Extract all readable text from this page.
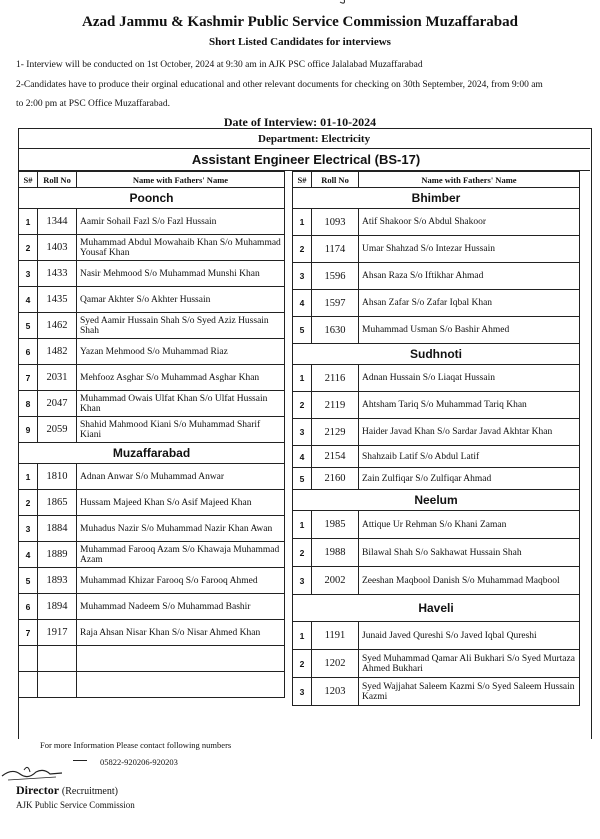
Azad Jammu & Kashmir Public Service Commission Muzaffarabad
Short Listed Candidates for interviews
1- Interview will be conducted on 1st October, 2024 at 9:30 am in AJK PSC office Jalalabad Muzaffarabad
2-Candidates have to produce their orginal educational and other relevant documents for checking on 30th September, 2024, from 9:00 am
to 2:00 pm at PSC Office Muzaffarabad.
Date of Interview: 01-10-2024
Department: Electricity
Assistant Engineer Electrical (BS-17)
S#	Roll No	Name with Fathers' Name
Poonch		
1	1344	Aamir Sohail Fazl S/o Fazl Hussain
2	1403	Muhammad Abdul Mowahaib Khan S/o Muhammad Yousaf Khan
3	1433	Nasir Mehmood S/o Muhammad Munshi Khan
4	1435	Qamar Akhter S/o Akhter Hussain
5	1462	Syed Aamir Hussain Shah S/o Syed Aziz Hussain Shah
6	1482	Yazan Mehmood S/o Muhammad Riaz
7	2031	Mehfooz Asghar S/o Muhammad Asghar Khan
8	2047	Muhammad Owais Ulfat Khan S/o Ulfat Hussain Khan
9	2059	Shahid Mahmood Kiani S/o Muhammad Sharif Kiani
Muzaffarabad		
1	1810	Adnan Anwar S/o Muhammad Anwar
2	1865	Hussam Majeed Khan S/o Asif Majeed Khan
3	1884	Muhadus Nazir S/o Muhammad Nazir Khan Awan
4	1889	Muhammad Farooq Azam S/o Khawaja Muhammad Azam
5	1893	Muhammad Khizar Farooq S/o Farooq Ahmed
6	1894	Muhammad Nadeem S/o Muhammad Bashir
7	1917	Raja Ahsan Nisar Khan S/o Nisar Ahmed Khan

S#	Roll No	Name with Fathers' Name
Bhimber		
1	1093	Atif Shakoor S/o Abdul Shakoor
2	1174	Umar Shahzad S/o Intezar Hussain
3	1596	Ahsan Raza S/o Iftikhar Ahmad
4	1597	Ahsan Zafar S/o Zafar Iqbal Khan
5	1630	Muhammad Usman S/o Bashir Ahmed
Sudhnoti		
1	2116	Adnan Hussain S/o Liaqat Hussain
2	2119	Ahtsham Tariq S/o Muhammad Tariq Khan
3	2129	Haider Javad Khan S/o Sardar Javad Akhtar Khan
4	2154	Shahzaib Latif S/o Abdul Latif
5	2160	Zain Zulfiqar S/o Zulfiqar Ahmad
Neelum		
1	1985	Attique Ur Rehman S/o Khani Zaman
2	1988	Bilawal Shah S/o Sakhawat Hussain Shah
3	2002	Zeeshan Maqbool Danish S/o Muhammad Maqbool
Haveli		
1	1191	Junaid Javed Qureshi S/o Javed Iqbal Qureshi
2	1202	Syed Muhammad Qamar Ali Bukhari S/o Syed Murtaza Ahmed Bukhari
3	1203	Syed Wajjahat Saleem Kazmi S/o Syed Saleem Hussain Kazmi
For more Information Please contact following numbers
05822-920206-920203
Director (Recruitment)
AJK Public Service Commission
